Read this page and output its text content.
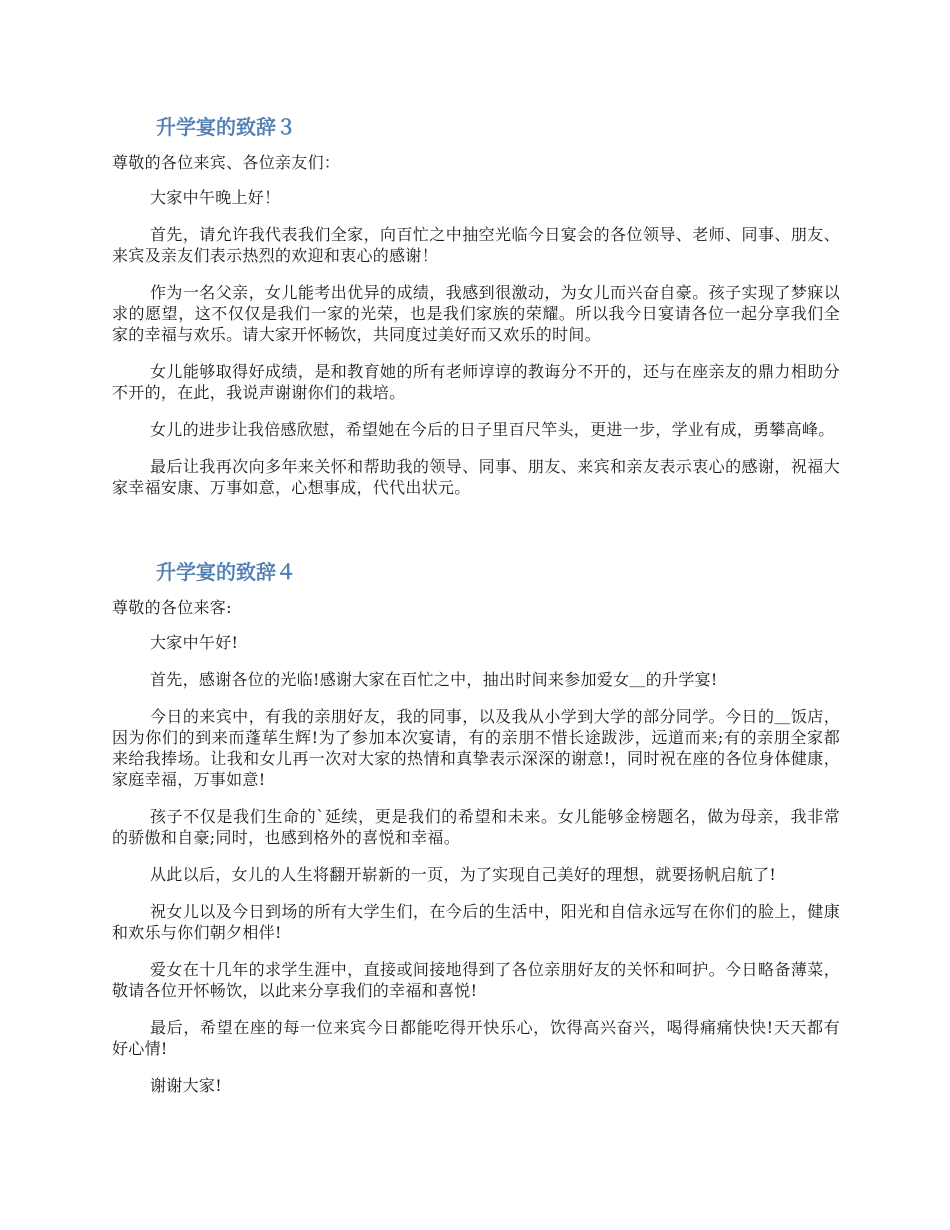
升学宴的致辞３

尊敬的各位来宾、各位亲友们：

大家中午晚上好！

首先，请允许我代表我们全家，向百忙之中抽空光临今日宴会的各位领导、老师、同事、朋友、来宾及亲友们表示热烈的欢迎和衷心的感谢！

作为一名父亲，女儿能考出优异的成绩，我感到很激动，为女儿而兴奋自豪。孩子实现了梦寐以求的愿望，这不仅仅是我们一家的光荣，也是我们家族的荣耀。所以我今日宴请各位一起分享我们全家的幸福与欢乐。请大家开怀畅饮，共同度过美好而又欢乐的时间。

女儿能够取得好成绩，是和教育她的所有老师谆谆的教诲分不开的，还与在座亲友的鼎力相助分不开的，在此，我说声谢谢你们的栽培。

女儿的进步让我倍感欣慰，希望她在今后的日子里百尺竿头，更进一步，学业有成，勇攀高峰。

最后让我再次向多年来关怀和帮助我的领导、同事、朋友、来宾和亲友表示衷心的感谢，祝福大家幸福安康、万事如意，心想事成，代代出状元。

升学宴的致辞４

尊敬的各位来客:

大家中午好!

首先，感谢各位的光临!感谢大家在百忙之中，抽出时间来参加爱女＿的升学宴!

今日的来宾中，有我的亲朋好友，我的同事，以及我从小学到大学的部分同学。今日的＿饭店，因为你们的到来而蓬荜生辉!为了参加本次宴请，有的亲朋不惜长途跋涉，远道而来;有的亲朋全家都来给我捧场。让我和女儿再一次对大家的热情和真挚表示深深的谢意!，同时祝在座的各位身体健康，家庭幸福，万事如意!

孩子不仅是我们生命的`延续，更是我们的希望和未来。女儿能够金榜题名，做为母亲，我非常的骄傲和自豪;同时，也感到格外的喜悦和幸福。

从此以后，女儿的人生将翻开崭新的一页，为了实现自己美好的理想，就要扬帆启航了!

祝女儿以及今日到场的所有大学生们，在今后的生活中，阳光和自信永远写在你们的脸上，健康和欢乐与你们朝夕相伴!

爱女在十几年的求学生涯中，直接或间接地得到了各位亲朋好友的关怀和呵护。今日略备薄菜，敬请各位开怀畅饮，以此来分享我们的幸福和喜悦!

最后，希望在座的每一位来宾今日都能吃得开快乐心，饮得高兴奋兴，喝得痛痛快快!天天都有好心情!

谢谢大家!
